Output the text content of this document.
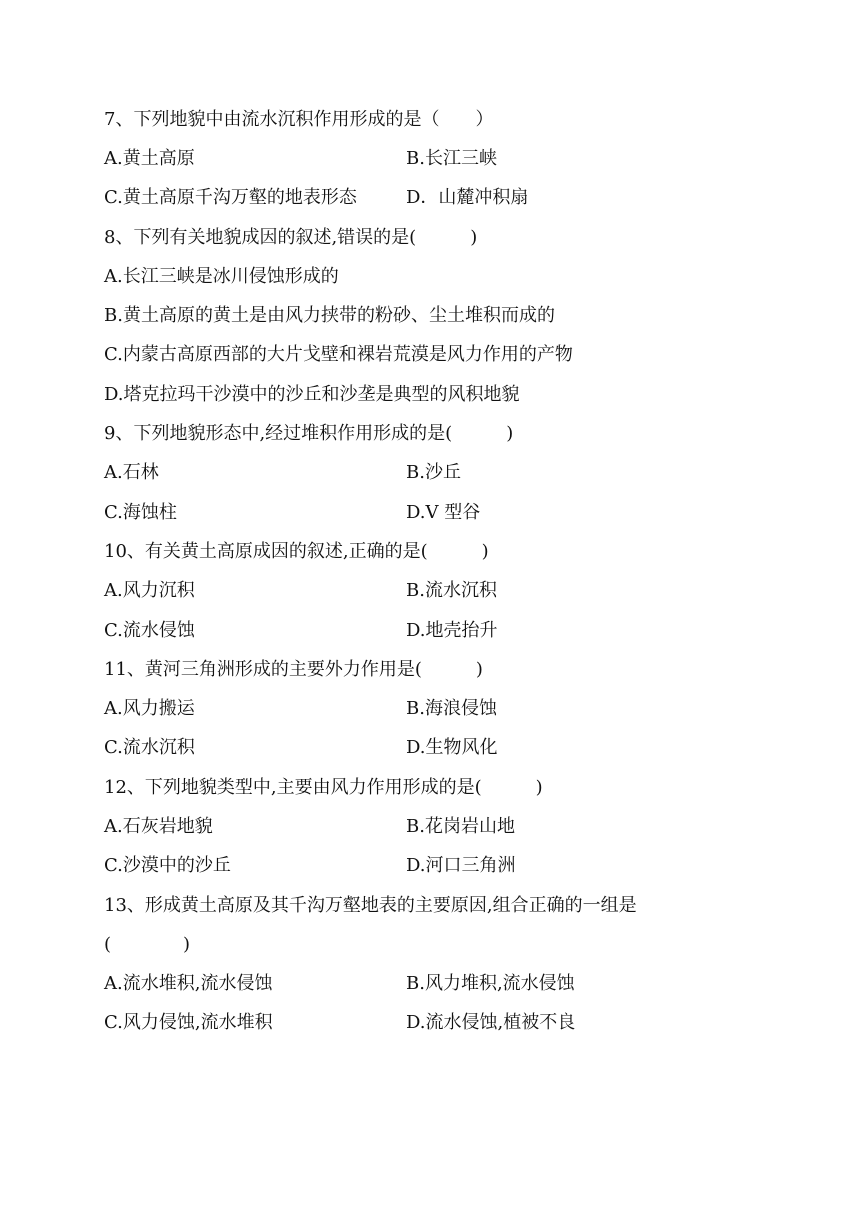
7、下列地貌中由流水沉积作用形成的是（　　）
A.黄土高原	B.长江三峡
C.黄土高原千沟万壑的地表形态	D．山麓冲积扇
8、下列有关地貌成因的叙述,错误的是(　　　)
A.长江三峡是冰川侵蚀形成的
B.黄土高原的黄土是由风力挟带的粉砂、尘土堆积而成的
C.内蒙古高原西部的大片戈壁和裸岩荒漠是风力作用的产物
D.塔克拉玛干沙漠中的沙丘和沙垄是典型的风积地貌
9、下列地貌形态中,经过堆积作用形成的是(　　　)
A.石林	B.沙丘
C.海蚀柱	D.V 型谷
10、有关黄土高原成因的叙述,正确的是(　　　)
A.风力沉积	B.流水沉积
C.流水侵蚀	D.地壳抬升
11、黄河三角洲形成的主要外力作用是(　　　)
A.风力搬运	B.海浪侵蚀
C.流水沉积	D.生物风化
12、下列地貌类型中,主要由风力作用形成的是(　　　)
A.石灰岩地貌	B.花岗岩山地
C.沙漠中的沙丘	D.河口三角洲
13、形成黄土高原及其千沟万壑地表的主要原因,组合正确的一组是
(　　　　)
A.流水堆积,流水侵蚀	B.风力堆积,流水侵蚀
C.风力侵蚀,流水堆积	D.流水侵蚀,植被不良
